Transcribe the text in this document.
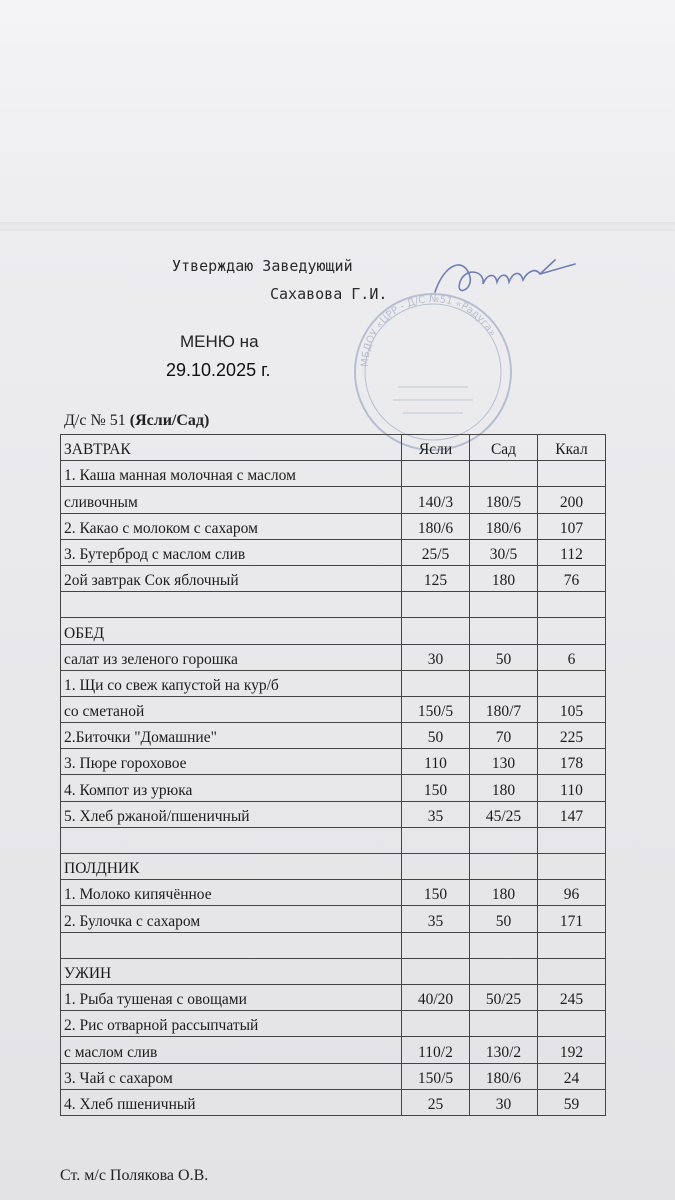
Утверждаю Заведующий
Сахавова Г.И.
МБДОУ «ЦРР - Д/С №51 «Радуга»
МЕНЮ на
29.10.2025 г.
Д/с № 51 (Ясли/Сад)
ЗАВТРАК	Ясли	Сад	Ккал
1. Каша манная молочная с маслом			
сливочным	140/3	180/5	200
2. Какао с молоком с сахаром	180/6	180/6	107
3. Бутерброд с маслом слив	25/5	30/5	112
2ой завтрак Сок яблочный	125	180	76

ОБЕД			
салат из зеленого горошка	30	50	6
1. Щи со свеж капустой на кур/б			
со сметаной	150/5	180/7	105
2.Биточки "Домашние"	50	70	225
3. Пюре гороховое	110	130	178
4. Компот из урюка	150	180	110
5. Хлеб ржаной/пшеничный	35	45/25	147

ПОЛДНИК			
1. Молоко кипячённое	150	180	96
2. Булочка с сахаром	35	50	171

УЖИН			
1. Рыба тушеная с овощами	40/20	50/25	245
2. Рис отварной рассыпчатый			
с маслом слив	110/2	130/2	192
3. Чай с сахаром	150/5	180/6	24
4. Хлеб пшеничный	25	30	59
Ст. м/с Полякова О.В.
